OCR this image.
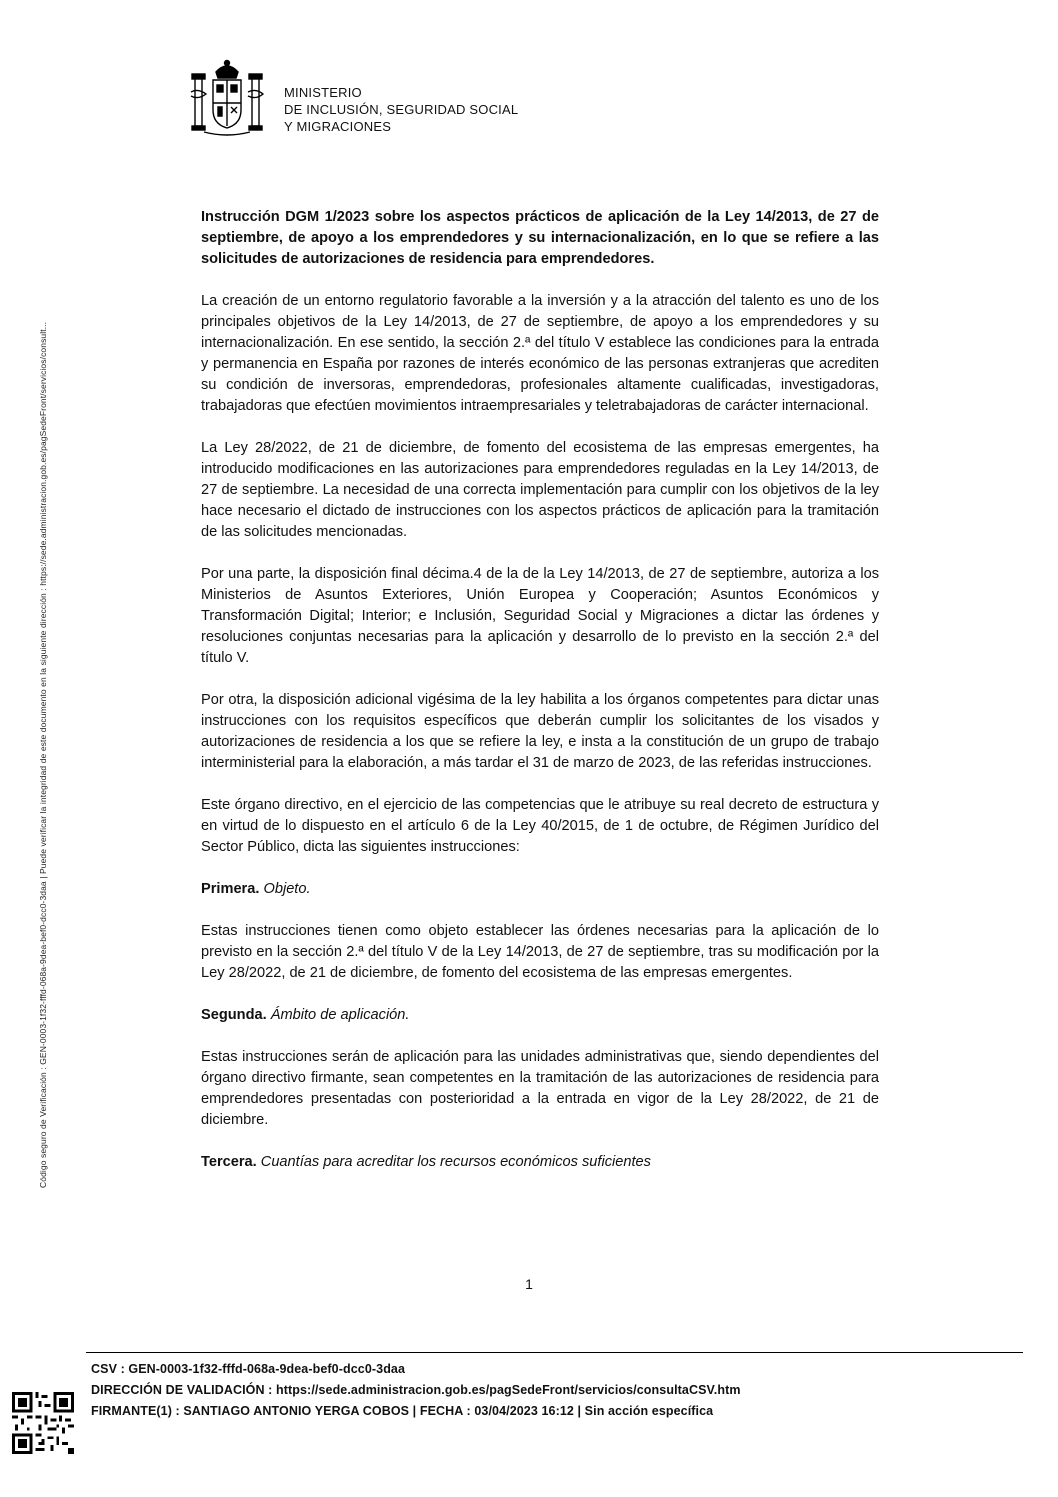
MINISTERIO
DE INCLUSIÓN, SEGURIDAD SOCIAL
Y MIGRACIONES
Código seguro de Verificación : GEN-0003-1f32-fffd-068a-9dea-bef0-dcc0-3daa | Puede verificar la integridad de este documento en la siguiente dirección : https://sede.administracion.gob.es/pagSedeFront/servicios/consult...

Instrucción DGM 1/2023 sobre los aspectos prácticos de aplicación de la Ley 14/2013, de 27 de septiembre, de apoyo a los emprendedores y su internacionalización, en lo que se refiere a las solicitudes de autorizaciones de residencia para emprendedores.

La creación de un entorno regulatorio favorable a la inversión y a la atracción del talento es uno de los principales objetivos de la Ley 14/2013, de 27 de septiembre, de apoyo a los emprendedores y su internacionalización. En ese sentido, la sección 2.ª del título V establece las condiciones para la entrada y permanencia en España por razones de interés económico de las personas extranjeras que acrediten su condición de inversoras, emprendedoras, profesionales altamente cualificadas, investigadoras, trabajadoras que efectúen movimientos intraempresariales y teletrabajadoras de carácter internacional.

La Ley 28/2022, de 21 de diciembre, de fomento del ecosistema de las empresas emergentes, ha introducido modificaciones en las autorizaciones para emprendedores reguladas en la Ley 14/2013, de 27 de septiembre. La necesidad de una correcta implementación para cumplir con los objetivos de la ley hace necesario el dictado de instrucciones con los aspectos prácticos de aplicación para la tramitación de las solicitudes mencionadas.

Por una parte, la disposición final décima.4 de la de la Ley 14/2013, de 27 de septiembre, autoriza a los Ministerios de Asuntos Exteriores, Unión Europea y Cooperación; Asuntos Económicos y Transformación Digital; Interior; e Inclusión, Seguridad Social y Migraciones a dictar las órdenes y resoluciones conjuntas necesarias para la aplicación y desarrollo de lo previsto en la sección 2.ª del título V.

Por otra, la disposición adicional vigésima de la ley habilita a los órganos competentes para dictar unas instrucciones con los requisitos específicos que deberán cumplir los solicitantes de los visados y autorizaciones de residencia a los que se refiere la ley, e insta a la constitución de un grupo de trabajo interministerial para la elaboración, a más tardar el 31 de marzo de 2023, de las referidas instrucciones.

Este órgano directivo, en el ejercicio de las competencias que le atribuye su real decreto de estructura y en virtud de lo dispuesto en el artículo 6 de la Ley 40/2015, de 1 de octubre, de Régimen Jurídico del Sector Público, dicta las siguientes instrucciones:

Primera. Objeto.

Estas instrucciones tienen como objeto establecer las órdenes necesarias para la aplicación de lo previsto en la sección 2.ª del título V de la Ley 14/2013, de 27 de septiembre, tras su modificación por la Ley 28/2022, de 21 de diciembre, de fomento del ecosistema de las empresas emergentes.

Segunda. Ámbito de aplicación.

Estas instrucciones serán de aplicación para las unidades administrativas que, siendo dependientes del órgano directivo firmante, sean competentes en la tramitación de las autorizaciones de residencia para emprendedores presentadas con posterioridad a la entrada en vigor de la Ley 28/2022, de 21 de diciembre.

Tercera. Cuantías para acreditar los recursos económicos suficientes

1
CSV : GEN-0003-1f32-fffd-068a-9dea-bef0-dcc0-3daa
DIRECCIÓN DE VALIDACIÓN : https://sede.administracion.gob.es/pagSedeFront/servicios/consultaCSV.htm
FIRMANTE(1) : SANTIAGO ANTONIO YERGA COBOS | FECHA : 03/04/2023 16:12 | Sin acción específica
